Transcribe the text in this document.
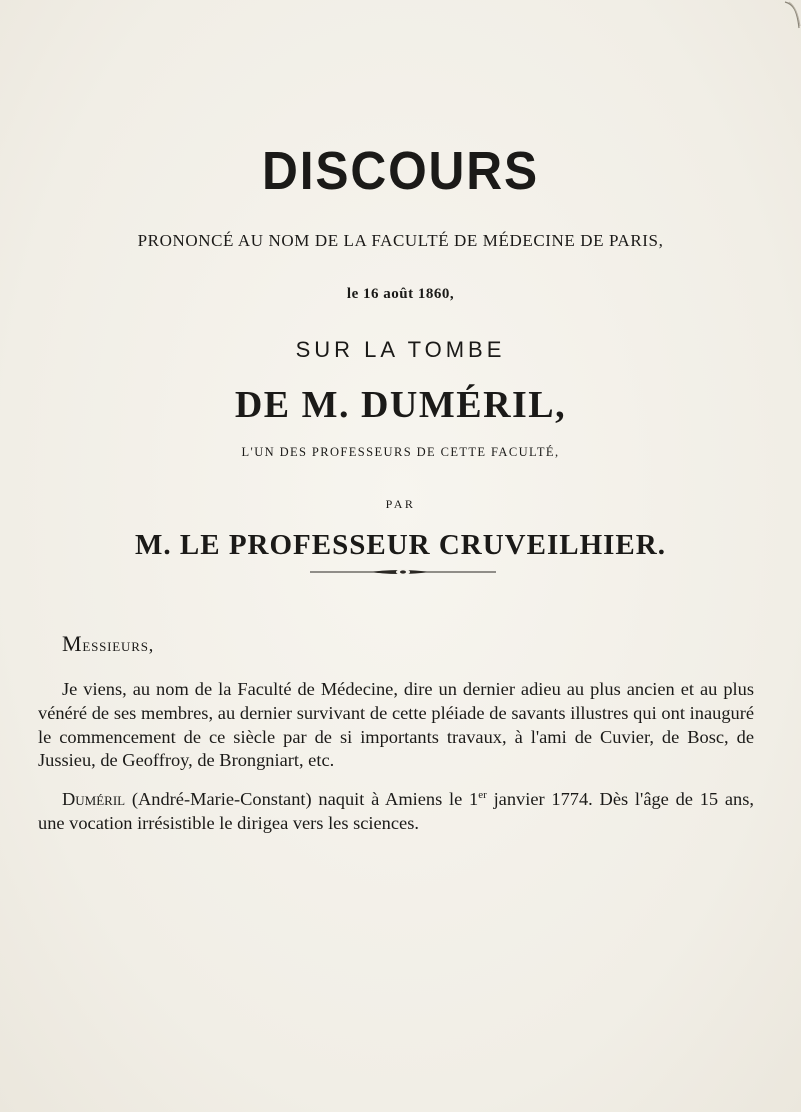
DISCOURS
PRONONCÉ AU NOM DE LA FACULTÉ DE MÉDECINE DE PARIS,
le 16 août 1860,
SUR LA TOMBE
DE M. DUMÉRIL,
L'UN DES PROFESSEURS DE CETTE FACULTÉ,
PAR
M. LE PROFESSEUR CRUVEILHIER.
Messieurs,
Je viens, au nom de la Faculté de Médecine, dire un dernier adieu au plus ancien et au plus vénéré de ses membres, au dernier survivant de cette pléiade de savants illustres qui ont inauguré le commencement de ce siècle par de si importants travaux, à l'ami de Cuvier, de Bosc, de Jussieu, de Geoffroy, de Brongniart, etc.
Duméril (André-Marie-Constant) naquit à Amiens le 1er janvier 1774. Dès l'âge de 15 ans, une vocation irrésistible le dirigea vers les sciences.
